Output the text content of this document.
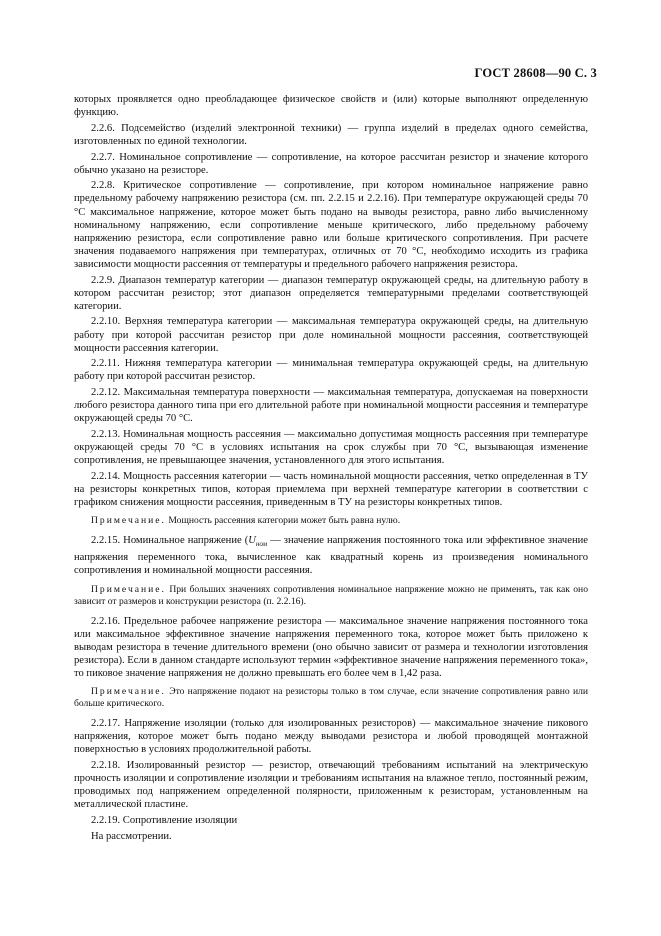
ГОСТ 28608—90 С. 3

которых проявляется одно преобладающее физическое свойств и (или) которые выполняют определенную функцию.

2.2.6. Подсемейство (изделий электронной техники) — группа изделий в пределах одного семейства, изготовленных по единой технологии.

2.2.7. Номинальное сопротивление — сопротивление, на которое рассчитан резистор и значение которого обычно указано на резисторе.

2.2.8. Критическое сопротивление — сопротивление, при котором номинальное напряжение равно предельному рабочему напряжению резистора (см. пп. 2.2.15 и 2.2.16). При температуре окружающей среды 70 °С максимальное напряжение, которое может быть подано на выводы резистора, равно либо вычисленному номинальному напряжению, если сопротивление меньше критического, либо предельному рабочему напряжению резистора, если сопротивление равно или больше критического сопротивления. При расчете значения подаваемого напряжения при температурах, отличных от 70 °С, необходимо исходить из графика зависимости мощности рассеяния от температуры и предельного рабочего напряжения резистора.

2.2.9. Диапазон температур категории — диапазон температур окружающей среды, на длительную работу в котором рассчитан резистор; этот диапазон определяется температурными пределами соответствующей категории.

2.2.10. Верхняя температура категории — максимальная температура окружающей среды, на длительную работу при которой рассчитан резистор при доле номинальной мощности рассеяния, соответствующей мощности рассеяния категории.

2.2.11. Нижняя температура категории — минимальная температура окружающей среды, на длительную работу при которой рассчитан резистор.

2.2.12. Максимальная температура поверхности — максимальная температура, допускаемая на поверхности любого резистора данного типа при его длительной работе при номинальной мощности рассеяния и температуре окружающей среды 70 °С.

2.2.13. Номинальная мощность рассеяния — максимально допустимая мощность рассеяния при температуре окружающей среды 70 °С в условиях испытания на срок службы при 70 °С, вызывающая изменение сопротивления, не превышающее значения, установленного для этого испытания.

2.2.14. Мощность рассеяния категории — часть номинальной мощности рассеяния, четко определенная в ТУ на резисторы конкретных типов, которая приемлема при верхней температуре категории в соответствии с графиком снижения мощности рассеяния, приведенным в ТУ на резисторы конкретных типов.

Примечание. Мощность рассеяния категории может быть равна нулю.

2.2.15. Номинальное напряжение ($U_{ном}$ — значение напряжения постоянного тока или эффективное значение напряжения переменного тока, вычисленное как квадратный корень из произведения номинального сопротивления и номинальной мощности рассеяния.

Примечание. При больших значениях сопротивления номинальное напряжение можно не применять, так как оно зависит от размеров и конструкции резистора (п. 2.2.16).

2.2.16. Предельное рабочее напряжение резистора — максимальное значение напряжения постоянного тока или максимальное эффективное значение напряжения переменного тока, которое может быть приложено к выводам резистора в течение длительного времени (оно обычно зависит от размера и технологии изготовления резистора). Если в данном стандарте используют термин «эффективное значение напряжения переменного тока», то пиковое значение напряжения не должно превышать его более чем в 1,42 раза.

Примечание. Это напряжение подают на резисторы только в том случае, если значение сопротивления равно или больше критического.

2.2.17. Напряжение изоляции (только для изолированных резисторов) — максимальное значение пикового напряжения, которое может быть подано между выводами резистора и любой проводящей монтажной поверхностью в условиях продолжительной работы.

2.2.18. Изолированный резистор — резистор, отвечающий требованиям испытаний на электрическую прочность изоляции и сопротивление изоляции и требованиям испытания на влажное тепло, постоянный режим, проводимых под напряжением определенной полярности, приложенным к резисторам, установленным на металлической пластине.

2.2.19. Сопротивление изоляции

На рассмотрении.
